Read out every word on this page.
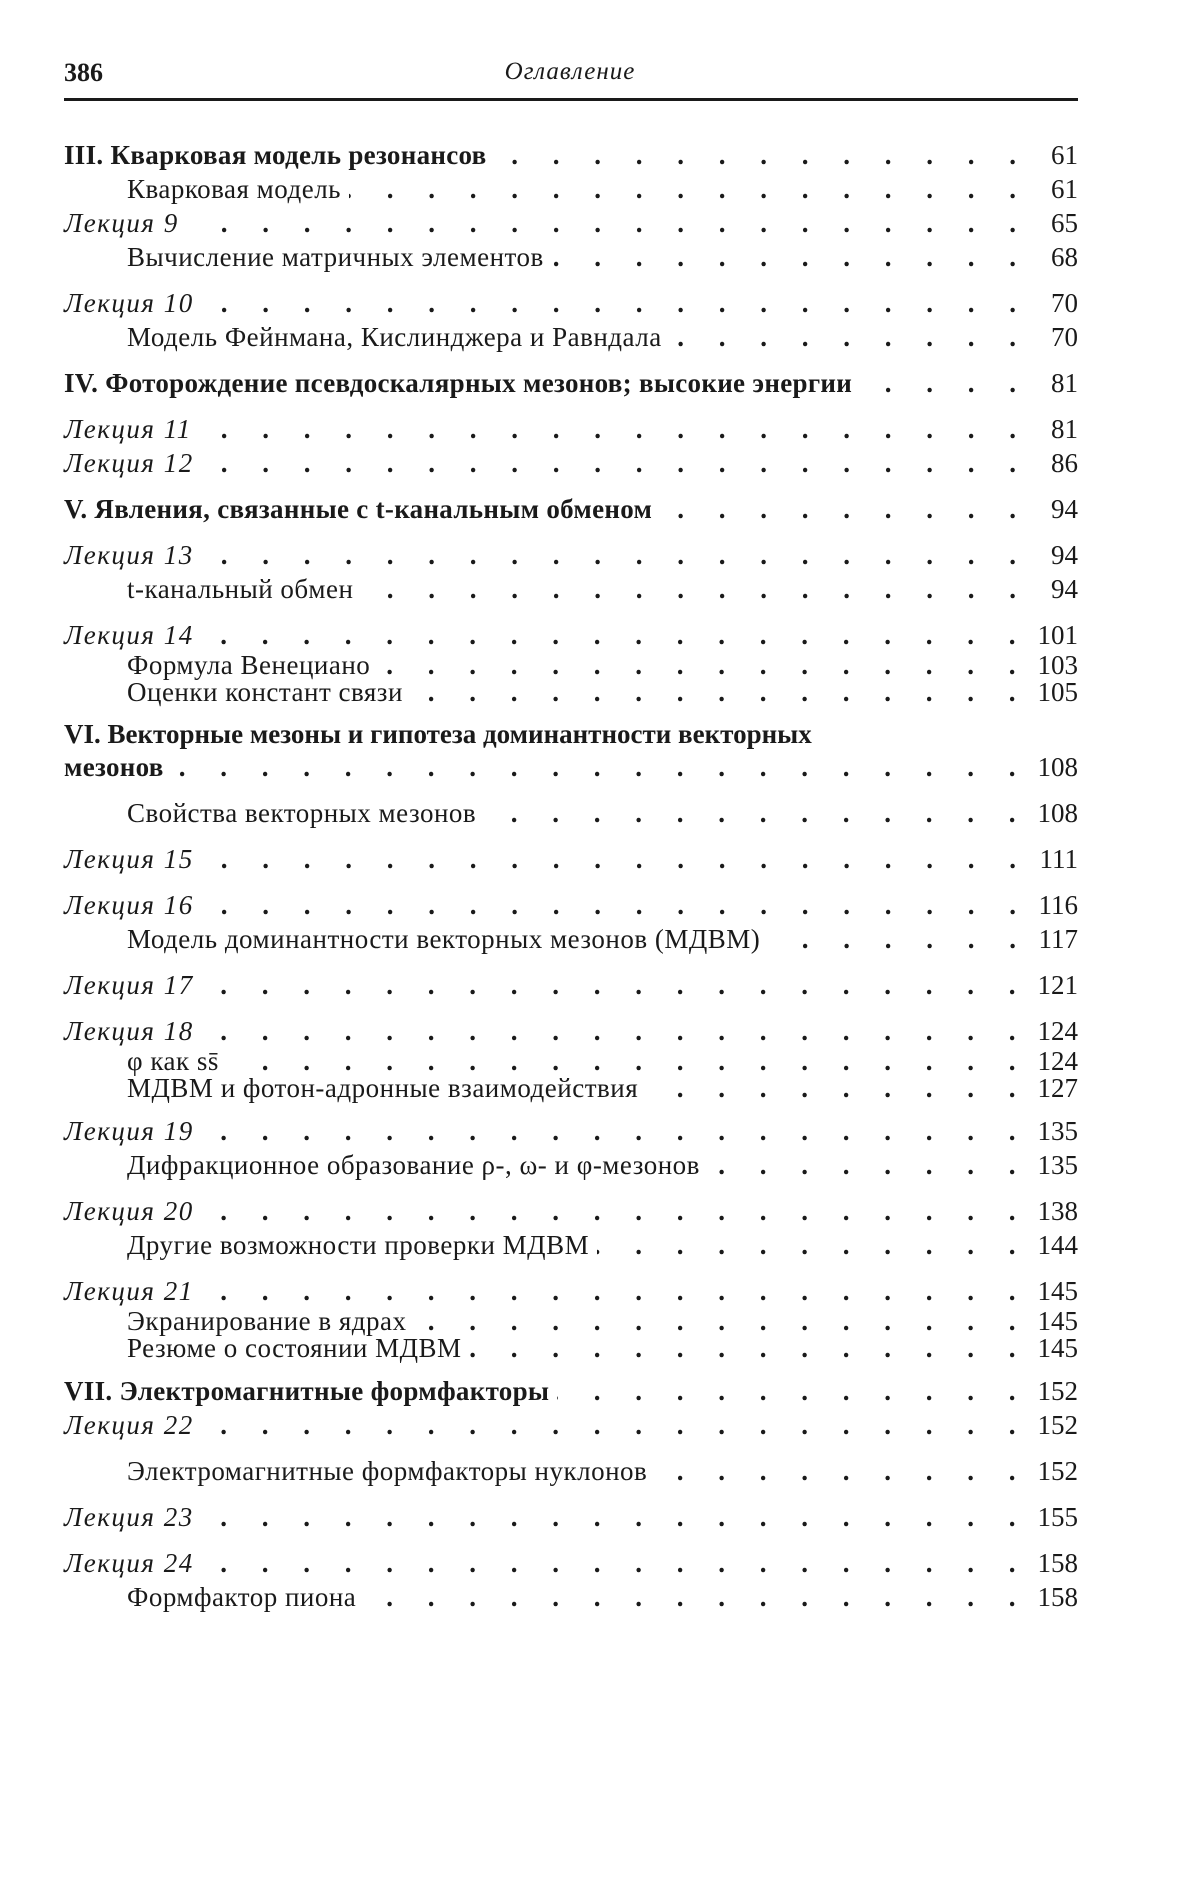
386	Оглавление
III. Кварковая модель резонансов . . .	61
Кварковая модель . . .	61
Лекция 9 . . .	65
Вычисление матричных элементов . . .	68
Лекция 10 . . .	70
Модель Фейнмана, Кислинджера и Равндала . . .	70
IV. Фоторождение псевдоскалярных мезонов; высокие энергии . . .	81
Лекция 11 . . .	81
Лекция 12 . . .	86
V. Явления, связанные с t-канальным обменом . . .	94
Лекция 13 . . .	94
t-канальный обмен . . .	94
Лекция 14 . . .	101
Формула Венециано . . .	103
Оценки констант связи . . .	105
VI. Векторные мезоны и гипотеза доминантности векторных
мезонов . . .	108
Свойства векторных мезонов . . .	108
Лекция 15 . . .	111
Лекция 16 . . .	116
Модель доминантности векторных мезонов (МДВМ) . . .	117
Лекция 17 . . .	121
Лекция 18 . . .	124
φ как ss̄ . . .	124
МДВМ и фотон-адронные взаимодействия . . .	127
Лекция 19 . . .	135
Дифракционное образование ρ-, ω- и φ-мезонов . . .	135
Лекция 20 . . .	138
Другие возможности проверки МДВМ . . .	144
Лекция 21 . . .	145
Экранирование в ядрах . . .	145
Резюме о состоянии МДВМ . . .	145
VII. Электромагнитные формфакторы . . .	152
Лекция 22 . . .	152
Электромагнитные формфакторы нуклонов . . .	152
Лекция 23 . . .	155
Лекция 24 . . .	158
Формфактор пиона . . .	158
